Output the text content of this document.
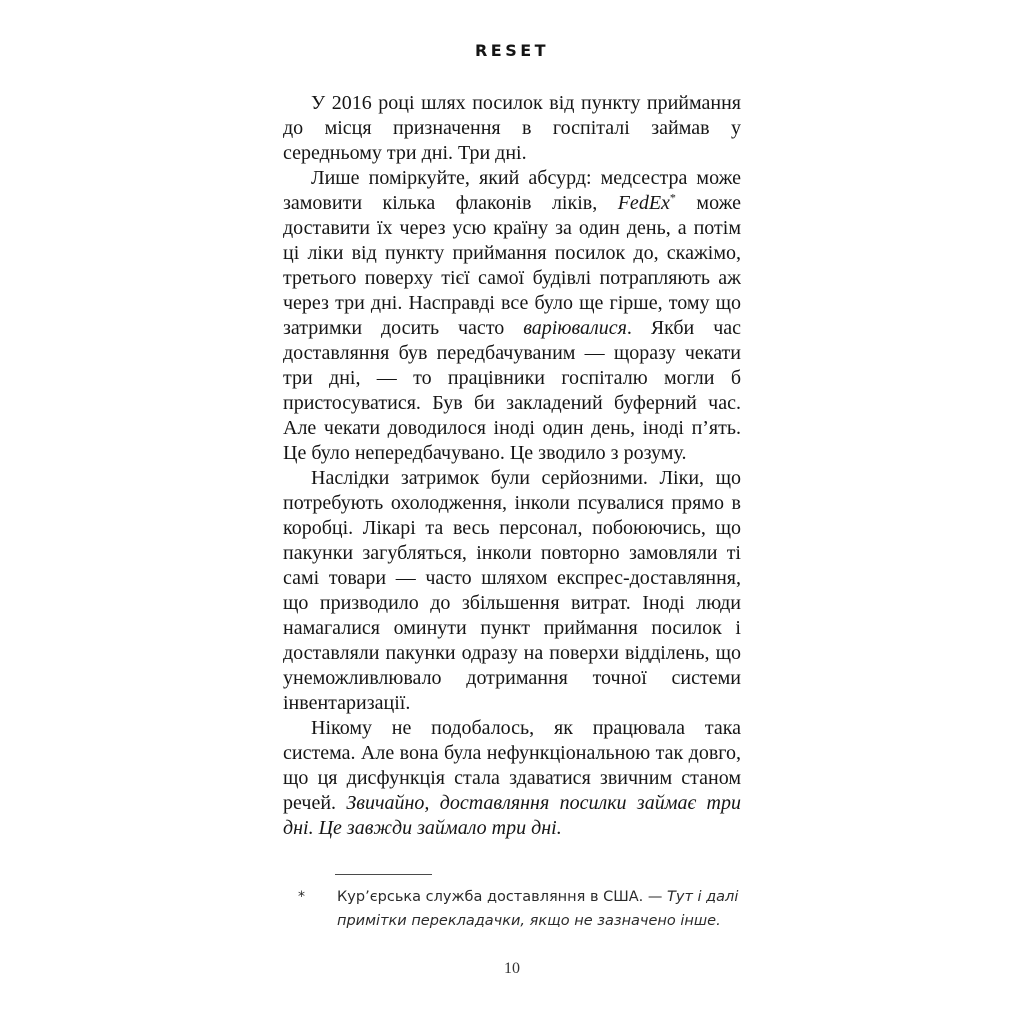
RESET

У 2016 році шлях посилок від пункту приймання до місця призначення в госпіталі займав у середньому три дні. Три дні.

Лише поміркуйте, який абсурд: медсестра може замовити кілька флаконів ліків, FedEx* може доставити їх через усю країну за один день, а потім ці ліки від пункту приймання посилок до, скажімо, третього поверху тієї самої будівлі потрапляють аж через три дні. Насправді все було ще гірше, тому що затримки досить часто варіювалися. Якби час доставляння був передбачуваним — щоразу чекати три дні, — то працівники госпіталю могли б пристосуватися. Був би закладений буферний час. Але чекати доводилося іноді один день, іноді п’ять. Це було непередбачувано. Це зводило з розуму.

Наслідки затримок були серйозними. Ліки, що потребують охолодження, інколи псувалися прямо в коробці. Лікарі та весь персонал, побоюючись, що пакунки загубляться, інколи повторно замовляли ті самі товари — часто шляхом експрес-доставляння, що призводило до збільшення витрат. Іноді люди намагалися оминути пункт приймання посилок і доставляли пакунки одразу на поверхи відділень, що унеможливлювало дотримання точної системи інвентаризації.

Нікому не подобалось, як працювала така система. Але вона була нефункціональною так довго, що ця дисфункція стала здаватися звичним станом речей. Звичайно, доставляння посилки займає три дні. Це завжди займало три дні.

*	Кур’єрська служба доставляння в США. — Тут і далі примітки перекладачки, якщо не зазначено інше.
10
